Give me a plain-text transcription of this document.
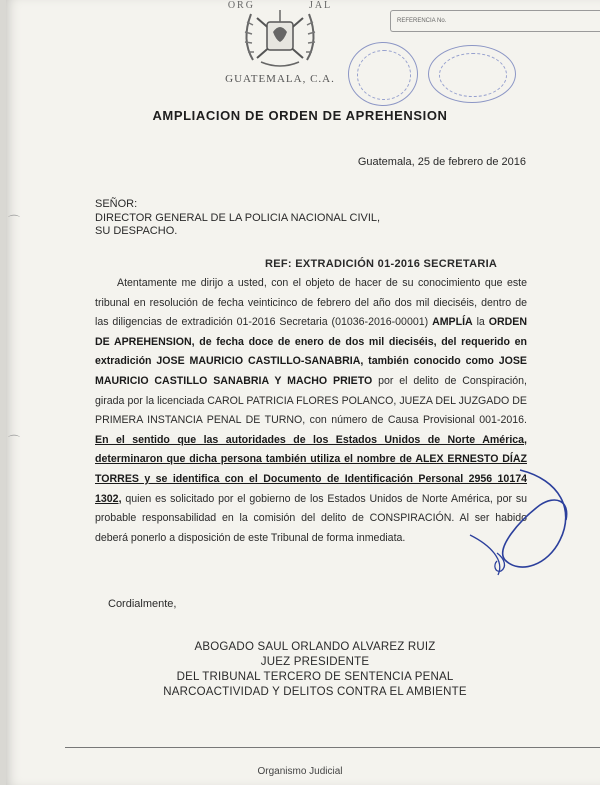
ORG	JAL
GUATEMALA, C.A.
REFERENCIA No.
AMPLIACION DE ORDEN DE APREHENSION
Guatemala, 25 de febrero de 2016
SEÑOR:
DIRECTOR GENERAL DE LA POLICIA NACIONAL CIVIL,
SU DESPACHO.
REF: EXTRADICIÓN 01-2016 SECRETARIA

Atentamente me dirijo a usted, con el objeto de hacer de su conocimiento que este tribunal en resolución de fecha veinticinco de febrero del año dos mil dieciséis, dentro de las diligencias de extradición 01-2016 Secretaria (01036-2016-00001) AMPLÍA la ORDEN DE APREHENSION, de fecha doce de enero de dos mil dieciséis, del requerido en extradición JOSE MAURICIO CASTILLO-SANABRIA, también conocido como JOSE MAURICIO CASTILLO SANABRIA Y MACHO PRIETO por el delito de Conspiración, girada por la licenciada CAROL PATRICIA FLORES POLANCO, JUEZA DEL JUZGADO DE PRIMERA INSTANCIA PENAL DE TURNO, con número de Causa Provisional 001-2016. En el sentido que las autoridades de los Estados Unidos de Norte América, determinaron que dicha persona también utiliza el nombre de ALEX ERNESTO DÍAZ TORRES y se identifica con el Documento de Identificación Personal 2956 10174 1302, quien es solicitado por el gobierno de los Estados Unidos de Norte América, por su probable responsabilidad en la comisión del delito de CONSPIRACIÓN. Al ser habido deberá ponerlo a disposición de este Tribunal de forma inmediata.

Cordialmente,
ABOGADO SAUL ORLANDO ALVAREZ RUIZ
JUEZ PRESIDENTE
DEL TRIBUNAL TERCERO DE SENTENCIA PENAL
NARCOACTIVIDAD Y DELITOS CONTRA EL AMBIENTE
Organismo Judicial
⌒
⌒
